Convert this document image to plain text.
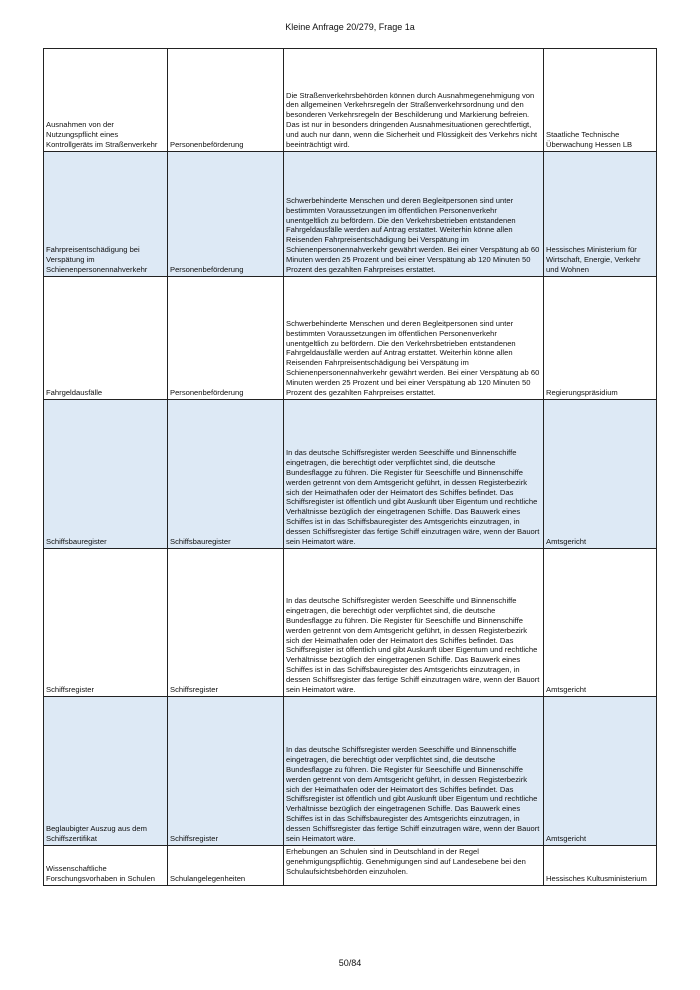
Kleine Anfrage 20/279, Frage 1a
Ausnahmen von der Nutzungspflicht eines Kontrollgeräts im Straßenverkehr	Personenbeförderung	Die Straßenverkehrsbehörden können durch Ausnahmegenehmigung von den allgemeinen Verkehrsregeln der Straßenverkehrsordnung und den besonderen Verkehrsregeln der Beschilderung und Markierung befreien. Das ist nur in besonders dringenden Ausnahmesituationen gerechtfertigt, und auch nur dann, wenn die Sicherheit und Flüssigkeit des Verkehrs nicht beeinträchtigt wird.	Staatliche Technische Überwachung Hessen LB
Fahrpreisentschädigung bei Verspätung im Schienenpersonennahverkehr	Personenbeförderung	Schwerbehinderte Menschen und deren Begleitpersonen sind unter bestimmten Voraussetzungen im öffentlichen Personenverkehr unentgeltlich zu befördern. Die den Verkehrsbetrieben entstandenen Fahrgeldausfälle werden auf Antrag erstattet. Weiterhin könne allen Reisenden Fahrpreisentschädigung bei Verspätung im Schienenpersonennahverkehr gewährt werden. Bei einer Verspätung ab 60 Minuten werden 25 Prozent und bei einer Verspätung ab 120 Minuten 50 Prozent des gezahlten Fahrpreises erstattet.	Hessisches Ministerium für Wirtschaft, Energie, Verkehr und Wohnen
Fahrgeldausfälle	Personenbeförderung	Schwerbehinderte Menschen und deren Begleitpersonen sind unter bestimmten Voraussetzungen im öffentlichen Personenverkehr unentgeltlich zu befördern. Die den Verkehrsbetrieben entstandenen Fahrgeldausfälle werden auf Antrag erstattet. Weiterhin könne allen Reisenden Fahrpreisentschädigung bei Verspätung im Schienenpersonennahverkehr gewährt werden. Bei einer Verspätung ab 60 Minuten werden 25 Prozent und bei einer Verspätung ab 120 Minuten 50 Prozent des gezahlten Fahrpreises erstattet.	Regierungspräsidium
Schiffsbauregister	Schiffsbauregister	In das deutsche Schiffsregister werden Seeschiffe und Binnenschiffe eingetragen, die berechtigt oder verpflichtet sind, die deutsche Bundesflagge zu führen. Die Register für Seeschiffe und Binnenschiffe werden getrennt von dem Amtsgericht geführt, in dessen Registerbezirk sich der Heimathafen oder der Heimatort des Schiffes befindet. Das Schiffsregister ist öffentlich und gibt Auskunft über Eigentum und rechtliche Verhältnisse bezüglich der eingetragenen Schiffe. Das Bauwerk eines Schiffes ist in das Schiffsbauregister des Amtsgerichts einzutragen, in dessen Schiffsregister das fertige Schiff einzutragen wäre, wenn der Bauort sein Heimatort wäre.	Amtsgericht
Schiffsregister	Schiffsregister	In das deutsche Schiffsregister werden Seeschiffe und Binnenschiffe eingetragen, die berechtigt oder verpflichtet sind, die deutsche Bundesflagge zu führen. Die Register für Seeschiffe und Binnenschiffe werden getrennt von dem Amtsgericht geführt, in dessen Registerbezirk sich der Heimathafen oder der Heimatort des Schiffes befindet. Das Schiffsregister ist öffentlich und gibt Auskunft über Eigentum und rechtliche Verhältnisse bezüglich der eingetragenen Schiffe. Das Bauwerk eines Schiffes ist in das Schiffsbauregister des Amtsgerichts einzutragen, in dessen Schiffsregister das fertige Schiff einzutragen wäre, wenn der Bauort sein Heimatort wäre.	Amtsgericht
Beglaubigter Auszug aus dem Schiffszertifikat	Schiffsregister	In das deutsche Schiffsregister werden Seeschiffe und Binnenschiffe eingetragen, die berechtigt oder verpflichtet sind, die deutsche Bundesflagge zu führen. Die Register für Seeschiffe und Binnenschiffe werden getrennt von dem Amtsgericht geführt, in dessen Registerbezirk sich der Heimathafen oder der Heimatort des Schiffes befindet. Das Schiffsregister ist öffentlich und gibt Auskunft über Eigentum und rechtliche Verhältnisse bezüglich der eingetragenen Schiffe. Das Bauwerk eines Schiffes ist in das Schiffsbauregister des Amtsgerichts einzutragen, in dessen Schiffsregister das fertige Schiff einzutragen wäre, wenn der Bauort sein Heimatort wäre.	Amtsgericht
Wissenschaftliche Forschungsvorhaben in Schulen	Schulangelegenheiten	Erhebungen an Schulen sind in Deutschland in der Regel genehmigungspflichtig. Genehmigungen sind auf Landesebene bei den Schulaufsichtsbehörden einzuholen.	Hessisches Kultusministerium
50/84
